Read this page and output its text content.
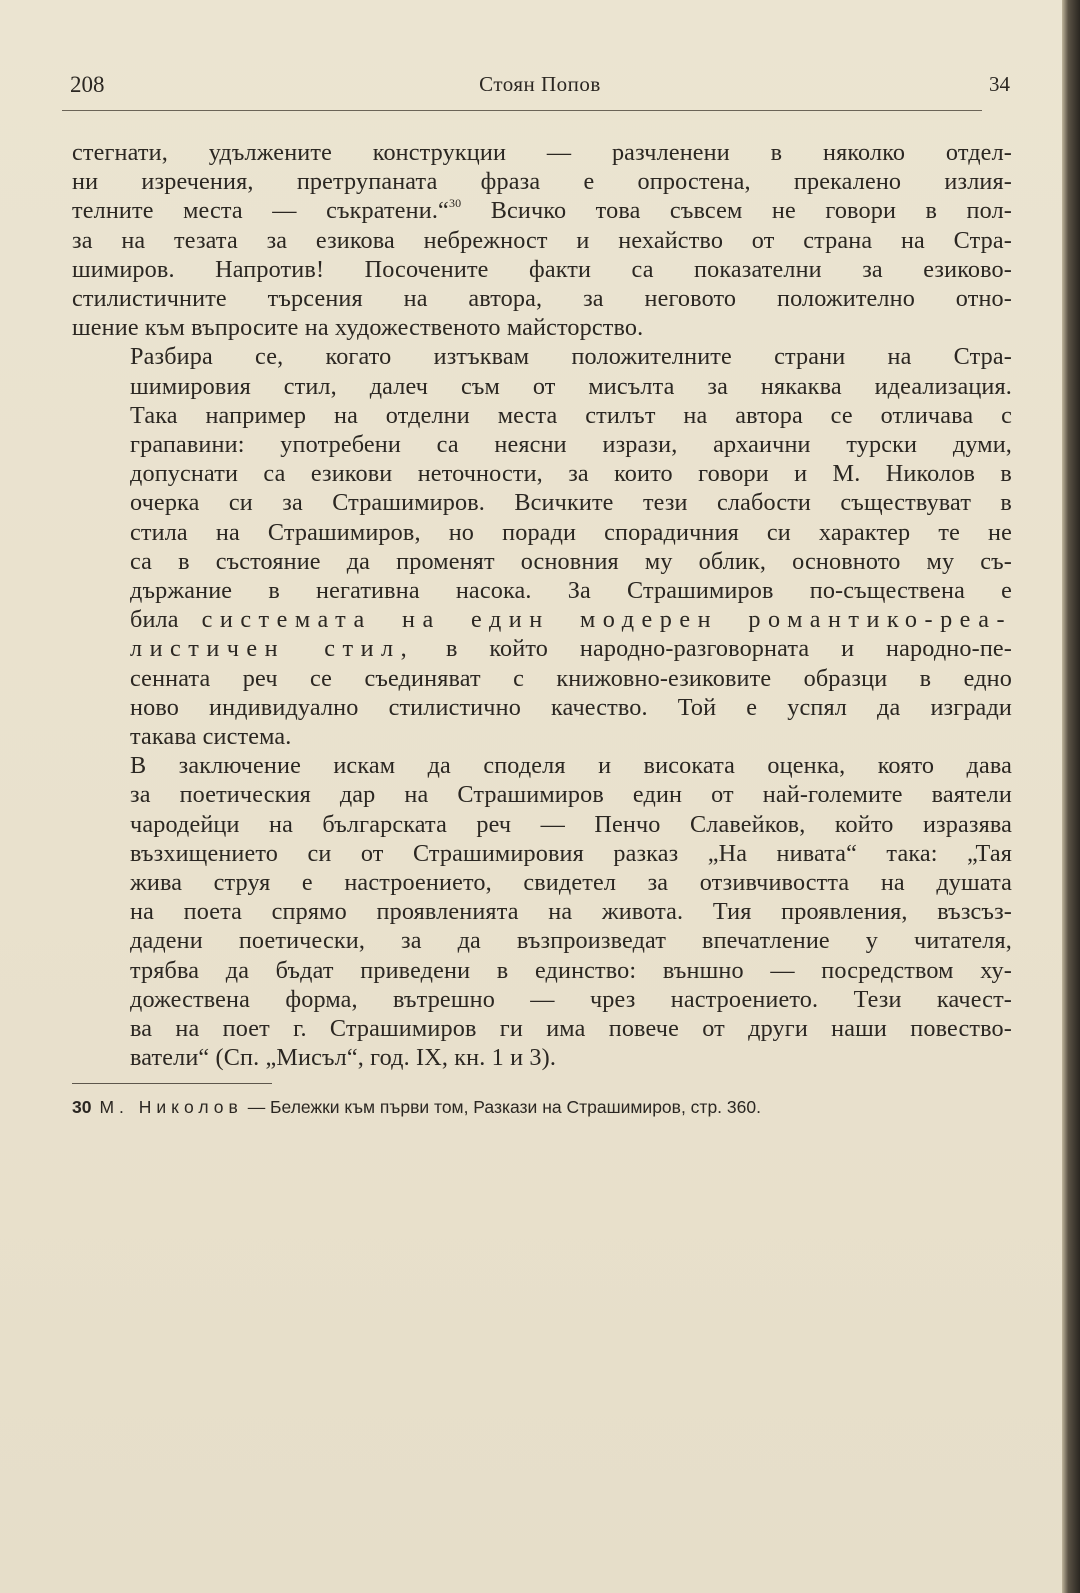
208	Стоян Попов	34

стегнати, удължените конструкции — разчленени в няколко отдел-
ни изречения, претрупаната фраза е опростена, прекалено излия-
телните места — съкратени.“$^{30}$ Всичко това съвсем не говори в пол-
за на тезата за езикова небрежност и нехайство от страна на Стра-
шимиров. Напротив! Посочените факти са показателни за езиково-
стилистичните търсения на автора, за неговото положително отно-
шение към въпросите на художественото майсторство.

Разбира се, когато изтъквам положителните страни на Стра-
шимировия стил, далеч съм от мисълта за някаква идеализация.
Така например на отделни места стилът на автора се отличава с
грапавини: употребени са неясни изрази, архаични турски думи,
допуснати са езикови неточности, за които говори и М. Николов в
очерка си за Страшимиров. Всичките тези слабости съществуват в
стила на Страшимиров, но поради спорадичния си характер те не
са в състояние да променят основния му облик, основното му съ-
държание в негативна насока. За Страшимиров по-съществена е
била системата на един модерен романтико-реа-
листичен стил, в който народно-разговорната и народно-пе-
сенната реч се съединяват с книжовно-езиковите образци в едно
ново индивидуално стилистично качество. Той е успял да изгради
такава система.

В заключение искам да споделя и високата оценка, която дава
за поетическия дар на Страшимиров един от най-големите ваятели
чародейци на българската реч — Пенчо Славейков, който изразява
възхищението си от Страшимировия разказ „На нивата“ така: „Тая
жива струя е настроението, свидетел за отзивчивостта на душата
на поета спрямо проявленията на живота. Тия проявления, възсъз-
дадени поетически, за да възпроизведат впечатление у читателя,
трябва да бъдат приведени в единство: външно — посредством ху-
дожествена форма, вътрешно — чрез настроението. Тези качест-
ва на поет г. Страшимиров ги има повече от други наши повество-
ватели“ (Сп. „Мисъл“, год. IX, кн. 1 и 3).

30 М. Николов — Бележки към първи том, Разкази на Страшимиров, стр. 360.
